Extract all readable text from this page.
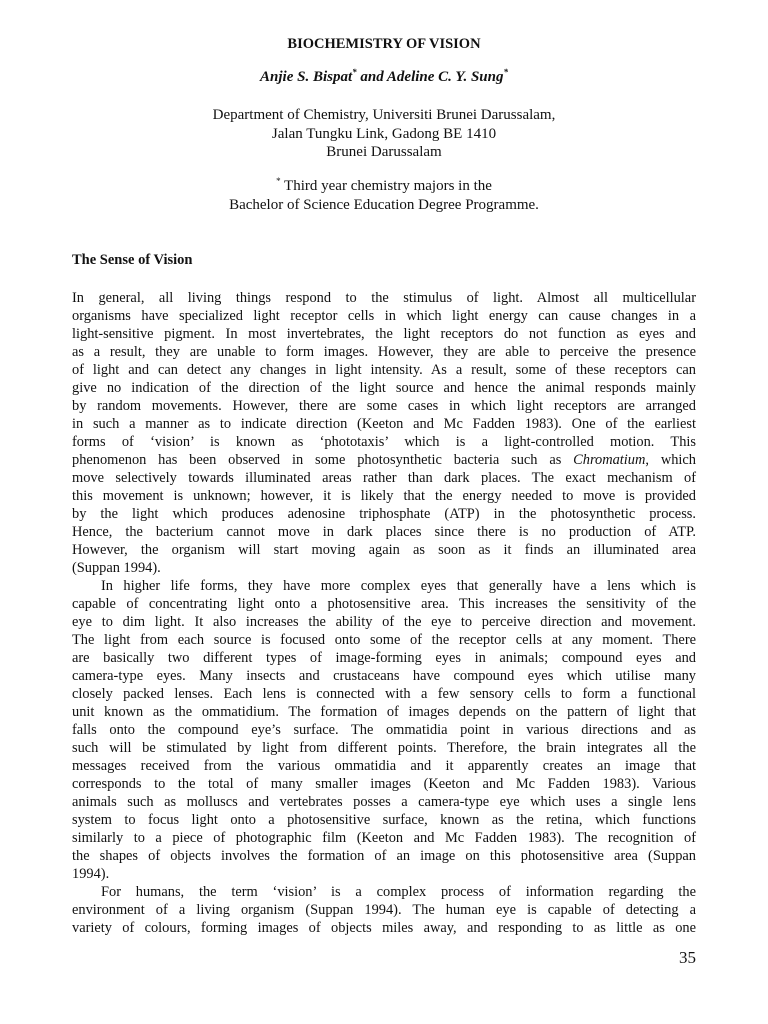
BIOCHEMISTRY OF VISION
Anjie S. Bispat* and Adeline C. Y. Sung*
Department of Chemistry, Universiti Brunei Darussalam,
Jalan Tungku Link, Gadong BE 1410
Brunei Darussalam
* Third year chemistry majors in the
Bachelor of Science Education Degree Programme.
The Sense of Vision
In general, all living things respond to the stimulus of light. Almost all multicellular
organisms have specialized light receptor cells in which light energy can cause changes in a
light-sensitive pigment. In most invertebrates, the light receptors do not function as eyes and
as a result, they are unable to form images. However, they are able to perceive the presence
of light and can detect any changes in light intensity. As a result, some of these receptors can
give no indication of the direction of the light source and hence the animal responds mainly
by random movements. However, there are some cases in which light receptors are arranged
in such a manner as to indicate direction (Keeton and Mc Fadden 1983). One of the earliest
forms of ‘vision’ is known as ‘phototaxis’ which is a light-controlled motion. This
phenomenon has been observed in some photosynthetic bacteria such as Chromatium, which
move selectively towards illuminated areas rather than dark places. The exact mechanism of
this movement is unknown; however, it is likely that the energy needed to move is provided
by the light which produces adenosine triphosphate (ATP) in the photosynthetic process.
Hence, the bacterium cannot move in dark places since there is no production of ATP.
However, the organism will start moving again as soon as it finds an illuminated area
(Suppan 1994).
In higher life forms, they have more complex eyes that generally have a lens which is
capable of concentrating light onto a photosensitive area. This increases the sensitivity of the
eye to dim light. It also increases the ability of the eye to perceive direction and movement.
The light from each source is focused onto some of the receptor cells at any moment. There
are basically two different types of image-forming eyes in animals; compound eyes and
camera-type eyes. Many insects and crustaceans have compound eyes which utilise many
closely packed lenses. Each lens is connected with a few sensory cells to form a functional
unit known as the ommatidium. The formation of images depends on the pattern of light that
falls onto the compound eye’s surface. The ommatidia point in various directions and as
such will be stimulated by light from different points. Therefore, the brain integrates all the
messages received from the various ommatidia and it apparently creates an image that
corresponds to the total of many smaller images (Keeton and Mc Fadden 1983). Various
animals such as molluscs and vertebrates posses a camera-type eye which uses a single lens
system to focus light onto a photosensitive surface, known as the retina, which functions
similarly to a piece of photographic film (Keeton and Mc Fadden 1983). The recognition of
the shapes of objects involves the formation of an image on this photosensitive area (Suppan
1994).
For humans, the term ‘vision’ is a complex process of information regarding the
environment of a living organism (Suppan 1994). The human eye is capable of detecting a
variety of colours, forming images of objects miles away, and responding to as little as one
35
